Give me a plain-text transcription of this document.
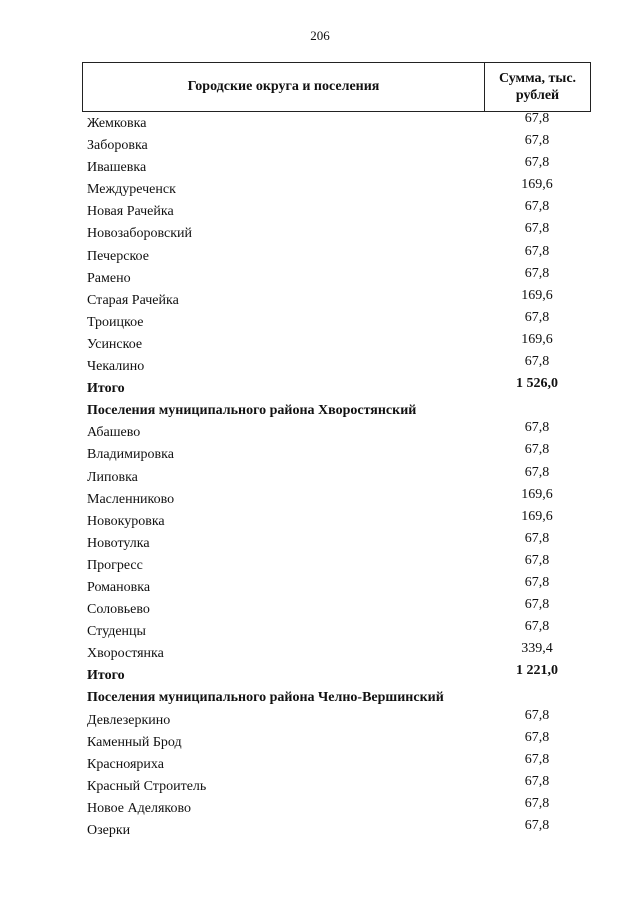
206
Городские округа и поселения
Сумма, тыс.
рублей
Жемковка	67,8
Заборовка	67,8
Ивашевка	67,8
Междуреченск	169,6
Новая Рачейка	67,8
Новозаборовский	67,8
Печерское	67,8
Рамено	67,8
Старая Рачейка	169,6
Троицкое	67,8
Усинское	169,6
Чекалино	67,8
Итого	1 526,0
Поселения муниципального района Хворостянский
Абашево	67,8
Владимировка	67,8
Липовка	67,8
Масленниково	169,6
Новокуровка	169,6
Новотулка	67,8
Прогресс	67,8
Романовка	67,8
Соловьево	67,8
Студенцы	67,8
Хворостянка	339,4
Итого	1 221,0
Поселения муниципального района Челно-Вершинский
Девлезеркино	67,8
Каменный Брод	67,8
Краснояриха	67,8
Красный Строитель	67,8
Новое Аделяково	67,8
Озерки	67,8
